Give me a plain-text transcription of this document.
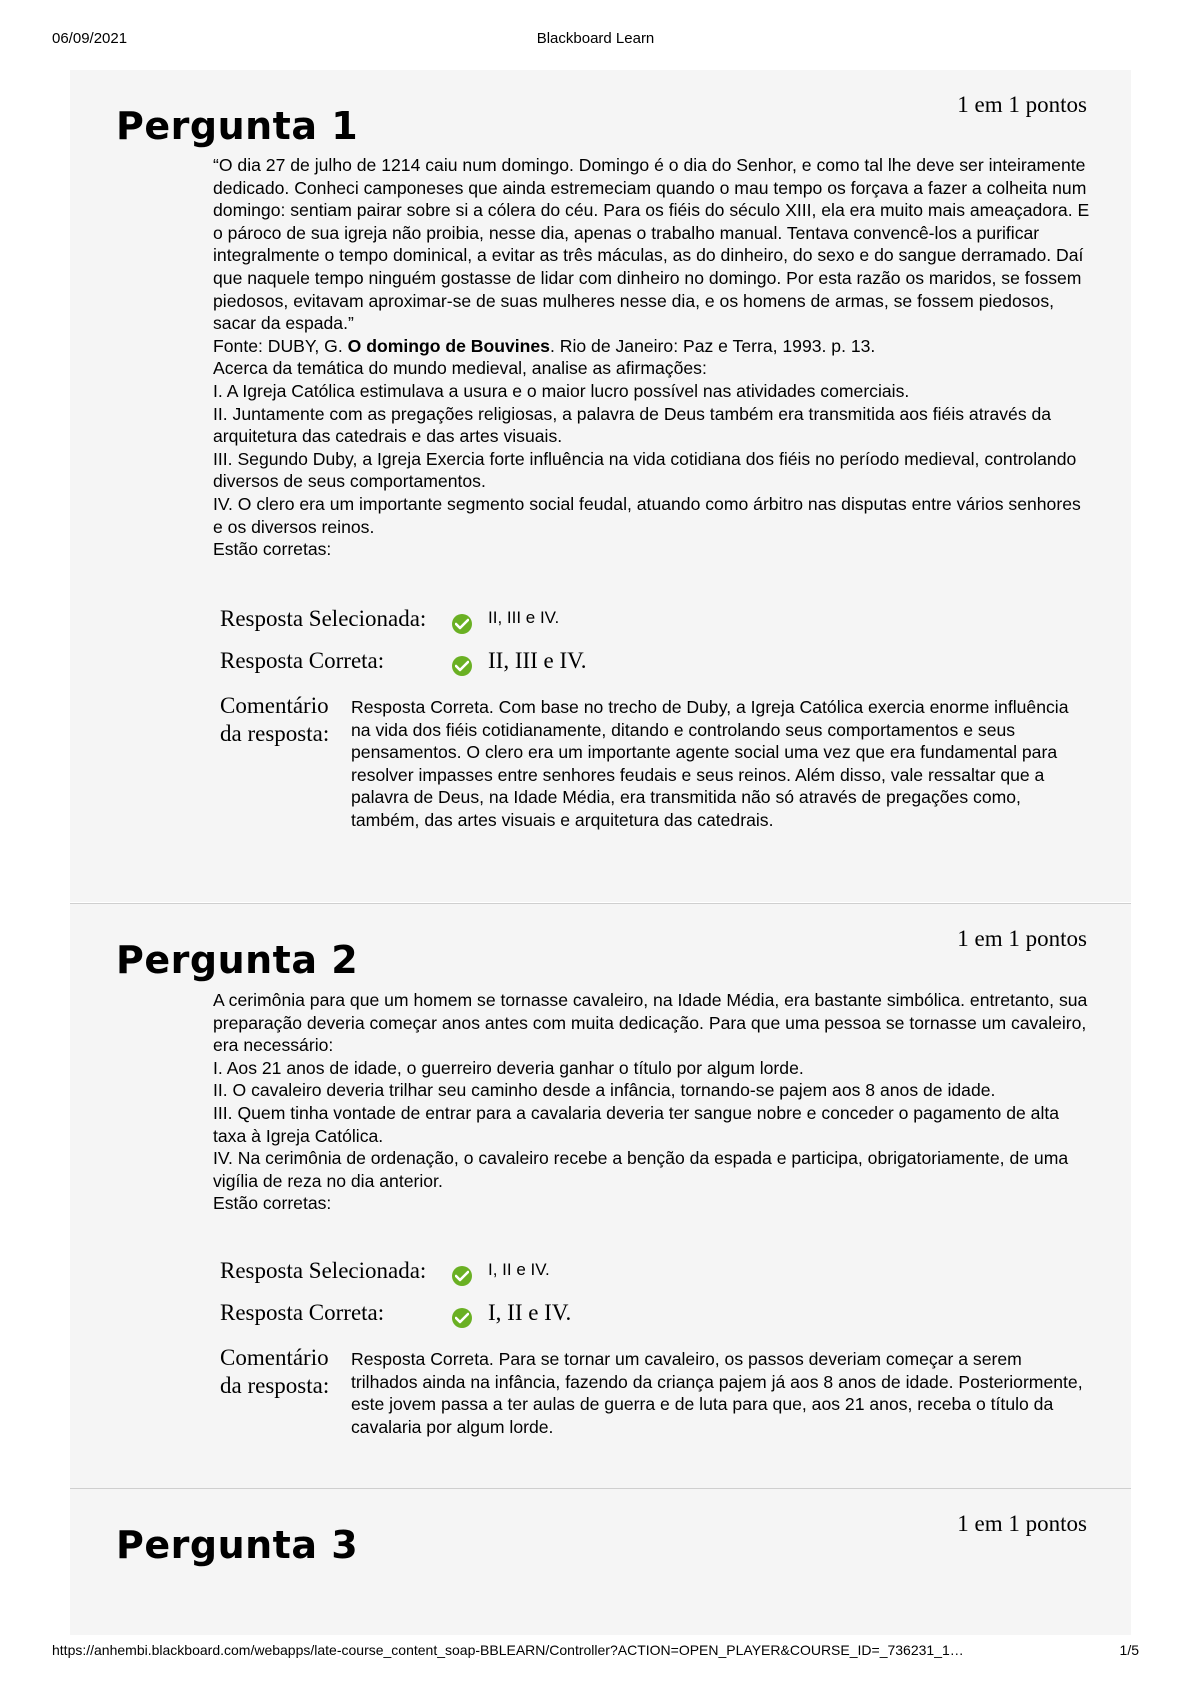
06/09/2021	Blackboard Learn
1 em 1 pontos
Pergunta 1

“O dia 27 de julho de 1214 caiu num domingo. Domingo é o dia do Senhor, e como tal lhe deve ser inteiramente dedicado. Conheci camponeses que ainda estremeciam quando o mau tempo os forçava a fazer a colheita num domingo: sentiam pairar sobre si a cólera do céu. Para os fiéis do século XIII, ela era muito mais ameaçadora. E o pároco de sua igreja não proibia, nesse dia, apenas o trabalho manual. Tentava convencê-los a purificar integralmente o tempo dominical, a evitar as três máculas, as do dinheiro, do sexo e do sangue derramado. Daí que naquele tempo ninguém gostasse de lidar com dinheiro no domingo. Por esta razão os maridos, se fossem piedosos, evitavam aproximar-se de suas mulheres nesse dia, e os homens de armas, se fossem piedosos, sacar da espada.”

Fonte: DUBY, G. O domingo de Bouvines. Rio de Janeiro: Paz e Terra, 1993. p. 13.

Acerca da temática do mundo medieval, analise as afirmações:

I. A Igreja Católica estimulava a usura e o maior lucro possível nas atividades comerciais.

II. Juntamente com as pregações religiosas, a palavra de Deus também era transmitida aos fiéis através da arquitetura das catedrais e das artes visuais.

III. Segundo Duby, a Igreja Exercia forte influência na vida cotidiana dos fiéis no período medieval, controlando diversos de seus comportamentos.

IV. O clero era um importante segmento social feudal, atuando como árbitro nas disputas entre vários senhores e os diversos reinos.

Estão corretas:

Resposta Selecionada:	II, III e IV.
Resposta Correta:	II, III e IV.
Comentário
da resposta:
Resposta Correta. Com base no trecho de Duby, a Igreja Católica exercia enorme influência na vida dos fiéis cotidianamente, ditando e controlando seus comportamentos e seus pensamentos. O clero era um importante agente social uma vez que era fundamental para resolver impasses entre senhores feudais e seus reinos. Além disso, vale ressaltar que a palavra de Deus, na Idade Média, era transmitida não só através de pregações como, também, das artes visuais e arquitetura das catedrais.
1 em 1 pontos
Pergunta 2

A cerimônia para que um homem se tornasse cavaleiro, na Idade Média, era bastante simbólica. entretanto, sua preparação deveria começar anos antes com muita dedicação. Para que uma pessoa se tornasse um cavaleiro, era necessário:

I. Aos 21 anos de idade, o guerreiro deveria ganhar o título por algum lorde.

II. O cavaleiro deveria trilhar seu caminho desde a infância, tornando-se pajem aos 8 anos de idade.

III. Quem tinha vontade de entrar para a cavalaria deveria ter sangue nobre e conceder o pagamento de alta taxa à Igreja Católica.

IV. Na cerimônia de ordenação, o cavaleiro recebe a benção da espada e participa, obrigatoriamente, de uma vigília de reza no dia anterior.

Estão corretas:

Resposta Selecionada:	I, II e IV.
Resposta Correta:	I, II e IV.
Comentário
da resposta:
Resposta Correta. Para se tornar um cavaleiro, os passos deveriam começar a serem trilhados ainda na infância, fazendo da criança pajem já aos 8 anos de idade. Posteriormente, este jovem passa a ter aulas de guerra e de luta para que, aos 21 anos, receba o título da cavalaria por algum lorde.
1 em 1 pontos
Pergunta 3
https://anhembi.blackboard.com/webapps/late-course_content_soap-BBLEARN/Controller?ACTION=OPEN_PLAYER&COURSE_ID=_736231_1…	1/5
